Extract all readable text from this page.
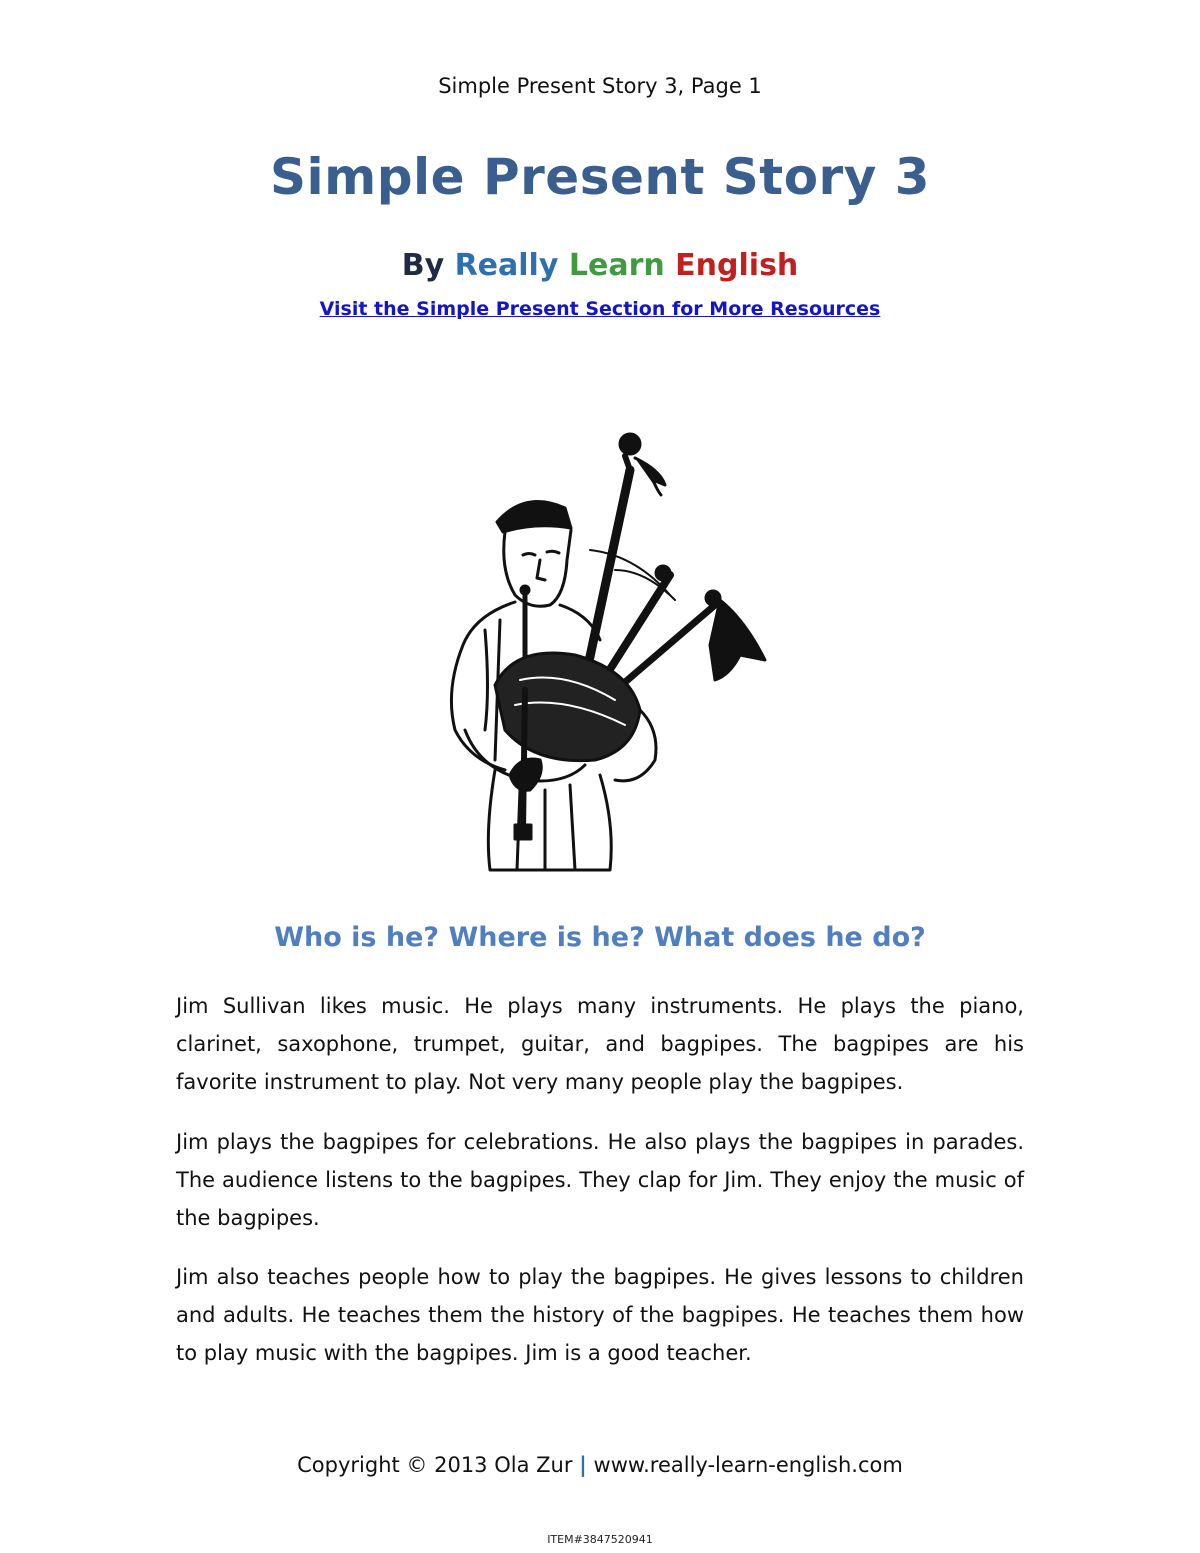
Simple Present Story 3, Page 1
Simple Present Story 3
By Really Learn English
Visit the Simple Present Section for More Resources
Who is he? Where is he? What does he do?

Jim Sullivan likes music. He plays many instruments. He plays the piano, clarinet, saxophone, trumpet, guitar, and bagpipes. The bagpipes are his favorite instrument to play. Not very many people play the bagpipes.

Jim plays the bagpipes for celebrations. He also plays the bagpipes in parades. The audience listens to the bagpipes. They clap for Jim. They enjoy the music of the bagpipes.

Jim also teaches people how to play the bagpipes. He gives lessons to children and adults. He teaches them the history of the bagpipes. He teaches them how to play music with the bagpipes. Jim is a good teacher.

Copyright © 2013 Ola Zur | www.really-learn-english.com
ITEM#3847520941
